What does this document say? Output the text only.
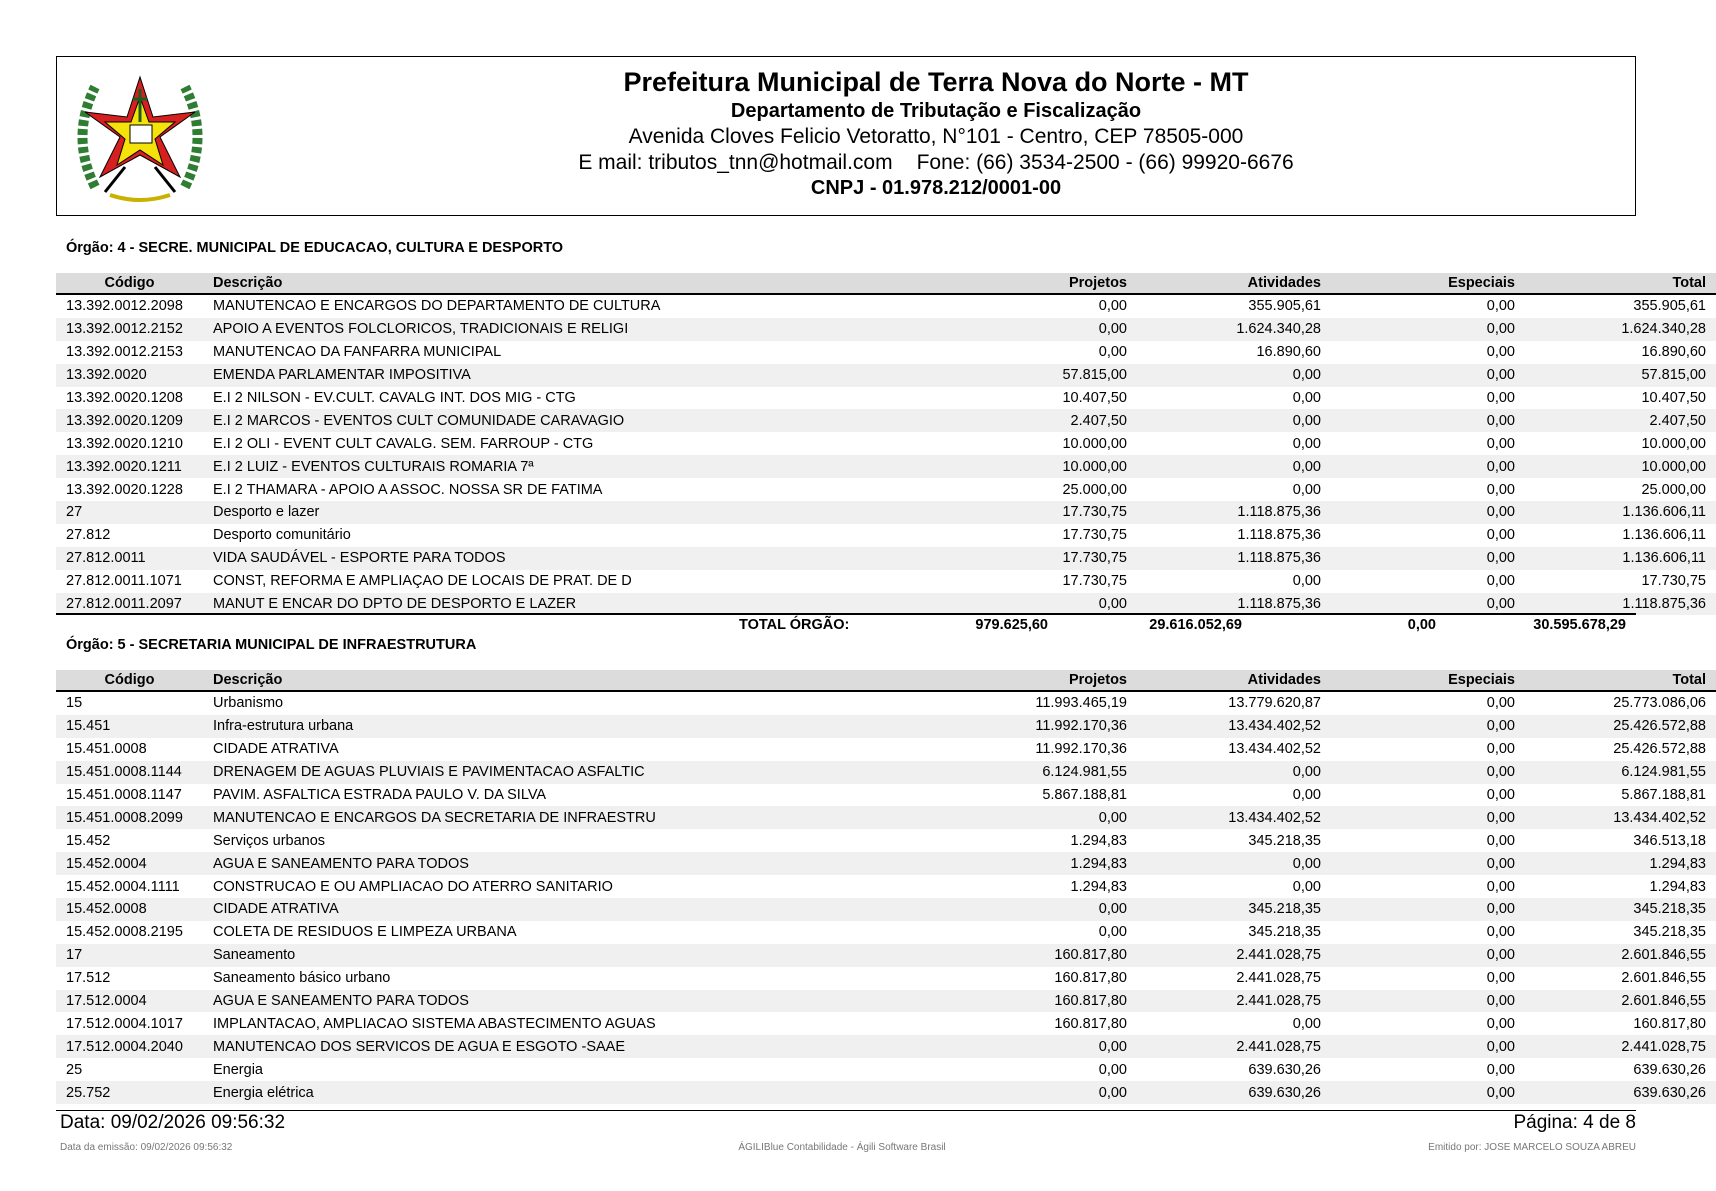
Prefeitura Municipal de Terra Nova do Norte - MT
Departamento de Tributação e Fiscalização
Avenida Cloves Felicio Vetoratto, N°101 - Centro, CEP 78505-000
E mail: tributos_tnn@hotmail.com Fone: (66) 3534-2500 - (66) 99920-6676
CNPJ - 01.978.212/0001-00
Órgão: 4 - SECRE. MUNICIPAL DE EDUCACAO, CULTURA E DESPORTO
Código	Descrição	Projetos	Atividades	Especiais	Total
13.392.0012.2098	MANUTENCAO E ENCARGOS DO DEPARTAMENTO DE CULTURA	0,00	355.905,61	0,00	355.905,61
13.392.0012.2152	APOIO A EVENTOS FOLCLORICOS, TRADICIONAIS E RELIGI	0,00	1.624.340,28	0,00	1.624.340,28
13.392.0012.2153	MANUTENCAO DA FANFARRA MUNICIPAL	0,00	16.890,60	0,00	16.890,60
13.392.0020	EMENDA PARLAMENTAR IMPOSITIVA	57.815,00	0,00	0,00	57.815,00
13.392.0020.1208	E.I 2 NILSON - EV.CULT. CAVALG INT. DOS MIG - CTG	10.407,50	0,00	0,00	10.407,50
13.392.0020.1209	E.I 2 MARCOS - EVENTOS CULT COMUNIDADE CARAVAGIO	2.407,50	0,00	0,00	2.407,50
13.392.0020.1210	E.I 2 OLI - EVENT CULT CAVALG. SEM. FARROUP - CTG	10.000,00	0,00	0,00	10.000,00
13.392.0020.1211	E.I 2 LUIZ - EVENTOS CULTURAIS ROMARIA 7ª	10.000,00	0,00	0,00	10.000,00
13.392.0020.1228	E.I 2 THAMARA - APOIO A ASSOC. NOSSA SR DE FATIMA	25.000,00	0,00	0,00	25.000,00
27	Desporto e lazer	17.730,75	1.118.875,36	0,00	1.136.606,11
27.812	Desporto comunitário	17.730,75	1.118.875,36	0,00	1.136.606,11
27.812.0011	VIDA SAUDÁVEL - ESPORTE PARA TODOS	17.730,75	1.118.875,36	0,00	1.136.606,11
27.812.0011.1071	CONST, REFORMA E AMPLIAÇAO DE LOCAIS DE PRAT. DE D	17.730,75	0,00	0,00	17.730,75
27.812.0011.2097	MANUT E ENCAR DO DPTO DE DESPORTO E LAZER	0,00	1.118.875,36	0,00	1.118.875,36
TOTAL ÓRGÃO:	979.625,60	29.616.052,69	0,00	30.595.678,29
Órgão: 5 - SECRETARIA MUNICIPAL DE INFRAESTRUTURA
Código	Descrição	Projetos	Atividades	Especiais	Total
15	Urbanismo	11.993.465,19	13.779.620,87	0,00	25.773.086,06
15.451	Infra-estrutura urbana	11.992.170,36	13.434.402,52	0,00	25.426.572,88
15.451.0008	CIDADE ATRATIVA	11.992.170,36	13.434.402,52	0,00	25.426.572,88
15.451.0008.1144	DRENAGEM DE AGUAS PLUVIAIS E PAVIMENTACAO ASFALTIC	6.124.981,55	0,00	0,00	6.124.981,55
15.451.0008.1147	PAVIM. ASFALTICA ESTRADA PAULO V. DA SILVA	5.867.188,81	0,00	0,00	5.867.188,81
15.451.0008.2099	MANUTENCAO E ENCARGOS DA SECRETARIA DE INFRAESTRU	0,00	13.434.402,52	0,00	13.434.402,52
15.452	Serviços urbanos	1.294,83	345.218,35	0,00	346.513,18
15.452.0004	AGUA E SANEAMENTO PARA TODOS	1.294,83	0,00	0,00	1.294,83
15.452.0004.1111	CONSTRUCAO E OU AMPLIACAO DO ATERRO SANITARIO	1.294,83	0,00	0,00	1.294,83
15.452.0008	CIDADE ATRATIVA	0,00	345.218,35	0,00	345.218,35
15.452.0008.2195	COLETA DE RESIDUOS E LIMPEZA URBANA	0,00	345.218,35	0,00	345.218,35
17	Saneamento	160.817,80	2.441.028,75	0,00	2.601.846,55
17.512	Saneamento básico urbano	160.817,80	2.441.028,75	0,00	2.601.846,55
17.512.0004	AGUA E SANEAMENTO PARA TODOS	160.817,80	2.441.028,75	0,00	2.601.846,55
17.512.0004.1017	IMPLANTACAO, AMPLIACAO SISTEMA ABASTECIMENTO AGUAS	160.817,80	0,00	0,00	160.817,80
17.512.0004.2040	MANUTENCAO DOS SERVICOS DE AGUA E ESGOTO -SAAE	0,00	2.441.028,75	0,00	2.441.028,75
25	Energia	0,00	639.630,26	0,00	639.630,26
25.752	Energia elétrica	0,00	639.630,26	0,00	639.630,26
Data: 09/02/2026 09:56:32	Página: 4 de 8
Data da emissão: 09/02/2026 09:56:32	ÁGILIBlue Contabilidade - Ágili Software Brasil	Emitido por: JOSE MARCELO SOUZA ABREU
